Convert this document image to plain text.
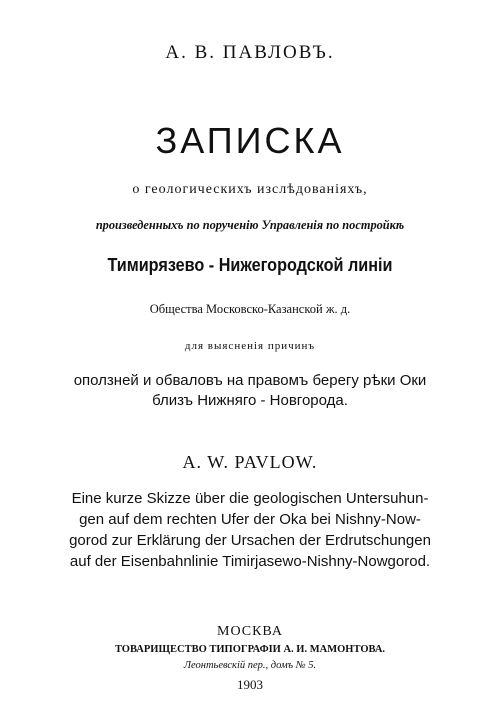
А. В. ПАВЛОВЪ.
ЗАПИСКА
о геологическихъ изслѣдованіяхъ,
произведенныхъ по порученію Управленія по постройкѣ
Тимирязево - Нижегородской линіи
Общества Московско-Казанской ж. д.
для выясненія причинъ
оползней и обваловъ на правомъ берегу рѣки Оки
близъ Нижняго - Новгорода.
A. W. PAVLOW.
Eine kurze Skizze über die geologischen Untersuhun-
gen auf dem rechten Ufer der Oka bei Nishny-Now-
gorod zur Erklärung der Ursachen der Erdrutschungen
auf der Eisenbahnlinie Timirjasewo-Nishny-Nowgorod.
МОСКВА
ТОВАРИЩЕСТВО ТИПОГРАФІИ А. И. МАМОНТОВА.
Леонтьевскій пер., домъ № 5.
1903
